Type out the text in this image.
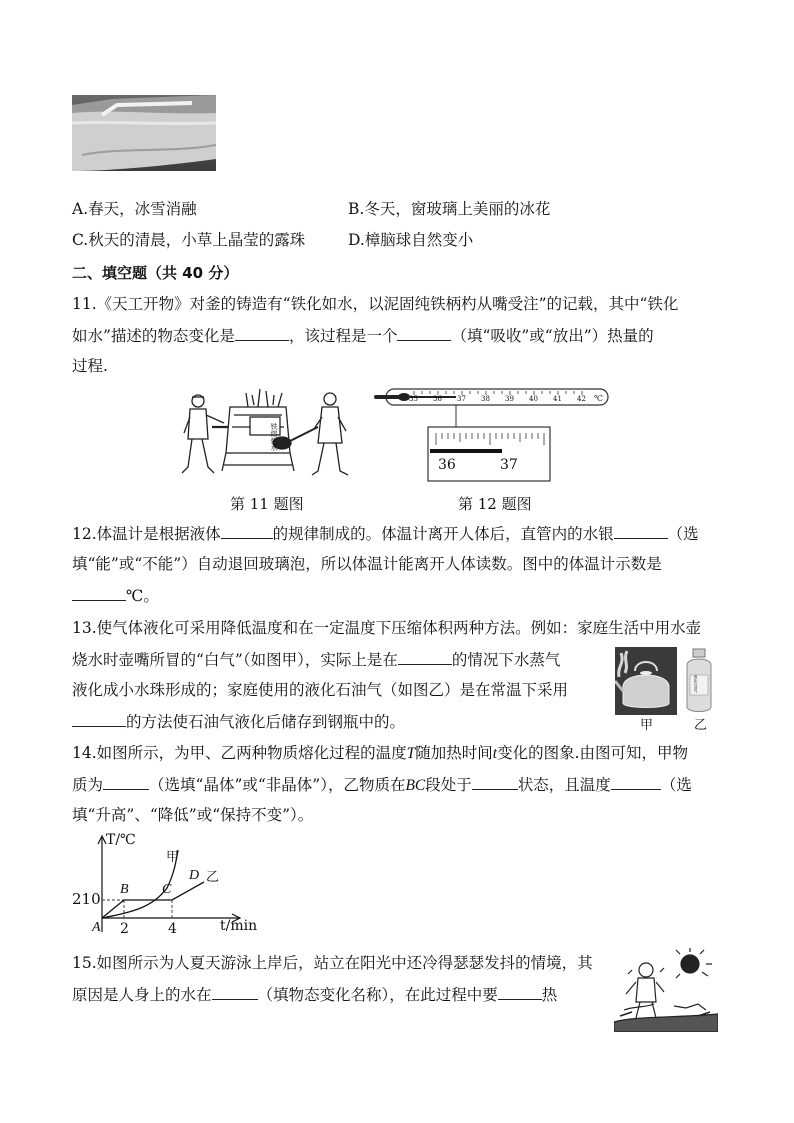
A.春天，冰雪消融	B.冬天，窗玻璃上美丽的冰花
C.秋天的清晨，小草上晶莹的露珠	D.樟脑球自然变小
二、填空题（共 40 分）
11.《天工开物》对釜的铸造有“铁化如水，以泥固纯铁柄杓从嘴受注”的记载，其中“铁化
如水”描述的物态变化是	，该过程是一个	（填“吸收”或“放出”）热量的
过程.
铁熔炉水
第 11 题图
35 36 37 38 39 40 41 42 ℃
36	37
第 12 题图
12.体温计是根据液体	的规律制成的。体温计离开人体后，直管内的水银	（选
填“能”或“不能”）自动退回玻璃泡，所以体温计能离开人体读数。图中的体温计示数是
℃。
13.使气体液化可采用降低温度和在一定温度下压缩体积两种方法。例如：家庭生活中用水壶
烧水时壶嘴所冒的“白气”（如图甲），实际上是在	的情况下水蒸气
液化成小水珠形成的；家庭使用的液化石油气（如图乙）是在常温下采用
的方法使石油气液化后储存到钢瓶中的。
液化石油气
甲	乙
14.如图所示，为甲、乙两种物质熔化过程的温度T随加热时间t变化的图象.由图可知，甲物
质为	（选填“晶体”或“非晶体”），乙物质在BC段处于	状态，且温度	（选
填“升高”、“降低”或“保持不变”）。
T/℃
t/min
210
2	4
A
B C
D
甲
乙
15.如图所示为人夏天游泳上岸后，站立在阳光中还冷得瑟瑟发抖的情境，其
原因是人身上的水在	（填物态变化名称），在此过程中要	热
